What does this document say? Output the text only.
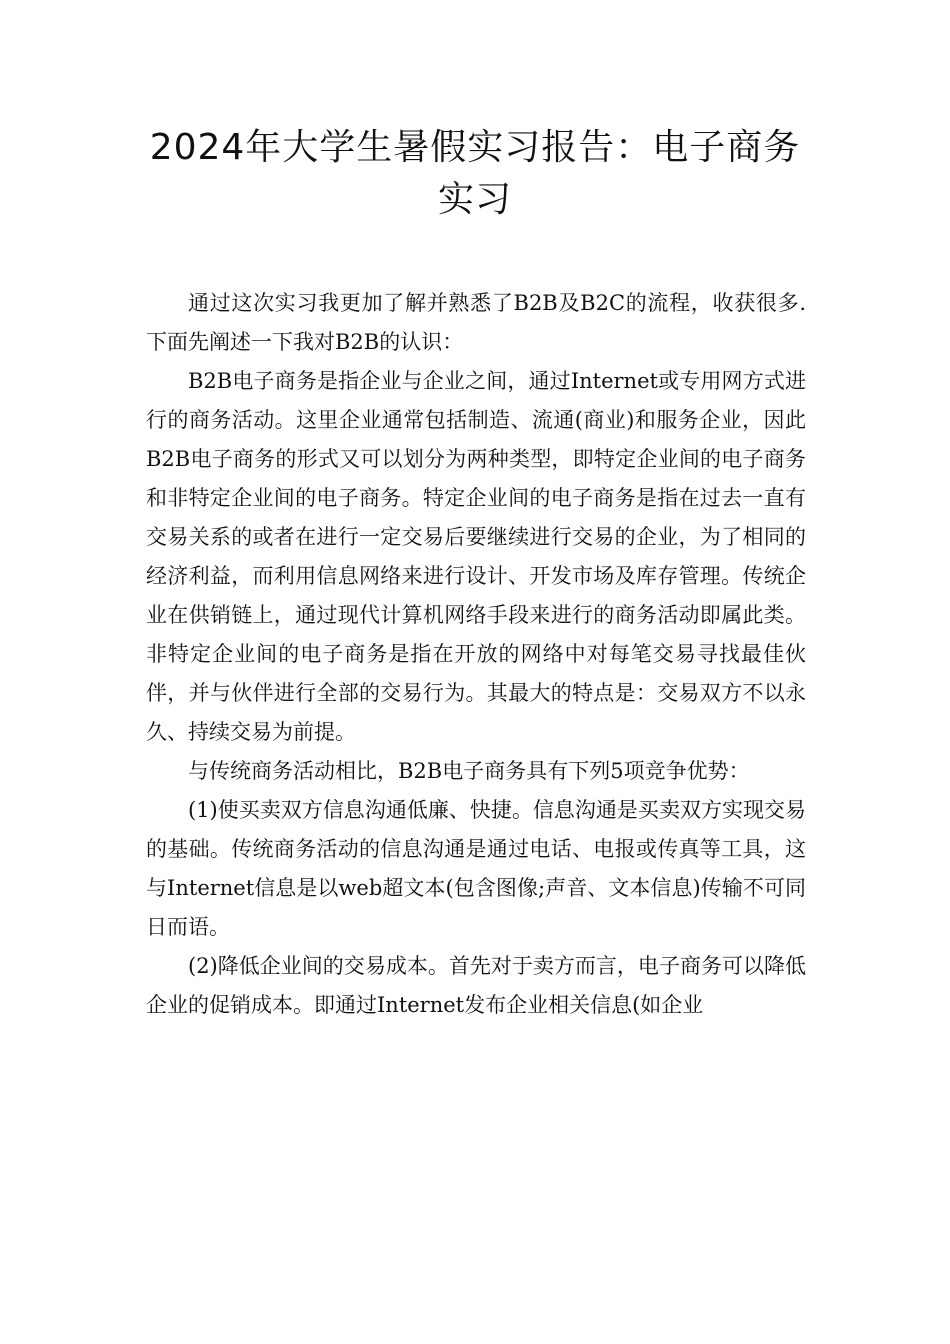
2024年大学生暑假实习报告：电子商务实习

通过这次实习我更加了解并熟悉了B2B及B2C的流程，收获很多.下面先阐述一下我对B2B的认识：

B2B电子商务是指企业与企业之间，通过Internet或专用网方式进行的商务活动。这里企业通常包括制造、流通(商业)和服务企业，因此B2B电子商务的形式又可以划分为两种类型，即特定企业间的电子商务和非特定企业间的电子商务。特定企业间的电子商务是指在过去一直有交易关系的或者在进行一定交易后要继续进行交易的企业，为了相同的经济利益，而利用信息网络来进行设计、开发市场及库存管理。传统企业在供销链上，通过现代计算机网络手段来进行的商务活动即属此类。非特定企业间的电子商务是指在开放的网络中对每笔交易寻找最佳伙伴，并与伙伴进行全部的交易行为。其最大的特点是：交易双方不以永久、持续交易为前提。

与传统商务活动相比，B2B电子商务具有下列5项竞争优势：

(1)使买卖双方信息沟通低廉、快捷。信息沟通是买卖双方实现交易的基础。传统商务活动的信息沟通是通过电话、电报或传真等工具，这与Internet信息是以web超文本(包含图像;声音、文本信息)传输不可同日而语。

(2)降低企业间的交易成本。首先对于卖方而言，电子商务可以降低企业的促销成本。即通过Internet发布企业相关信息(如企业
